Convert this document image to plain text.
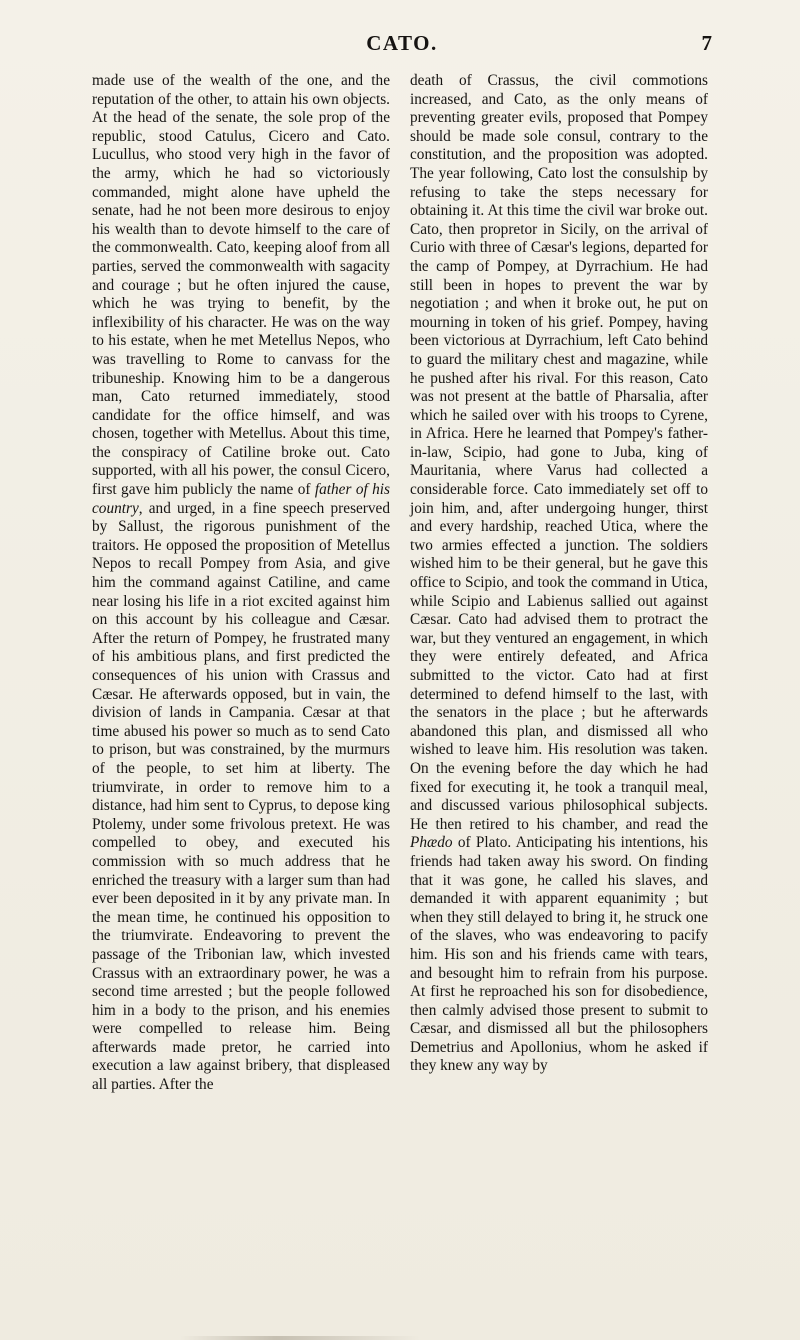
CATO.	7

made use of the wealth of the one, and the reputation of the other, to attain his own objects. At the head of the senate, the sole prop of the republic, stood Catulus, Cicero and Cato. Lucullus, who stood very high in the favor of the army, which he had so victoriously commanded, might alone have upheld the senate, had he not been more desirous to enjoy his wealth than to devote himself to the care of the commonwealth. Cato, keeping aloof from all parties, served the commonwealth with sagacity and courage ; but he often injured the cause, which he was trying to benefit, by the inflexibility of his character. He was on the way to his estate, when he met Metellus Nepos, who was travelling to Rome to canvass for the tribuneship. Knowing him to be a dangerous man, Cato returned immediately, stood candidate for the office himself, and was chosen, together with Metellus. About this time, the conspiracy of Catiline broke out. Cato supported, with all his power, the consul Cicero, first gave him publicly the name of father of his country, and urged, in a fine speech preserved by Sallust, the rigorous punishment of the traitors. He opposed the proposition of Metellus Nepos to recall Pompey from Asia, and give him the command against Catiline, and came near losing his life in a riot excited against him on this account by his colleague and Cæsar. After the return of Pompey, he frustrated many of his ambitious plans, and first predicted the consequences of his union with Crassus and Cæsar. He afterwards opposed, but in vain, the division of lands in Campania. Cæsar at that time abused his power so much as to send Cato to prison, but was constrained, by the murmurs of the people, to set him at liberty. The triumvirate, in order to remove him to a distance, had him sent to Cyprus, to depose king Ptolemy, under some frivolous pretext. He was compelled to obey, and executed his commission with so much address that he enriched the treasury with a larger sum than had ever been deposited in it by any private man. In the mean time, he continued his opposition to the triumvirate. Endeavoring to prevent the passage of the Tribonian law, which invested Crassus with an extraordinary power, he was a second time arrested ; but the people followed him in a body to the prison, and his enemies were compelled to release him. Being afterwards made pretor, he carried into execution a law against bribery, that displeased all parties. After the

death of Crassus, the civil commotions increased, and Cato, as the only means of preventing greater evils, proposed that Pompey should be made sole consul, contrary to the constitution, and the proposition was adopted. The year following, Cato lost the consulship by refusing to take the steps necessary for obtaining it. At this time the civil war broke out. Cato, then propretor in Sicily, on the arrival of Curio with three of Cæsar's legions, departed for the camp of Pompey, at Dyrrachium. He had still been in hopes to prevent the war by negotiation ; and when it broke out, he put on mourning in token of his grief. Pompey, having been victorious at Dyrrachium, left Cato behind to guard the military chest and magazine, while he pushed after his rival. For this reason, Cato was not present at the battle of Pharsalia, after which he sailed over with his troops to Cyrene, in Africa. Here he learned that Pompey's father-in-law, Scipio, had gone to Juba, king of Mauritania, where Varus had collected a considerable force. Cato immediately set off to join him, and, after undergoing hunger, thirst and every hardship, reached Utica, where the two armies effected a junction. The soldiers wished him to be their general, but he gave this office to Scipio, and took the command in Utica, while Scipio and Labienus sallied out against Cæsar. Cato had advised them to protract the war, but they ventured an engagement, in which they were entirely defeated, and Africa submitted to the victor. Cato had at first determined to defend himself to the last, with the senators in the place ; but he afterwards abandoned this plan, and dismissed all who wished to leave him. His resolution was taken. On the evening before the day which he had fixed for executing it, he took a tranquil meal, and discussed various philosophical subjects. He then retired to his chamber, and read the Phædo of Plato. Anticipating his intentions, his friends had taken away his sword. On finding that it was gone, he called his slaves, and demanded it with apparent equanimity ; but when they still delayed to bring it, he struck one of the slaves, who was endeavoring to pacify him. His son and his friends came with tears, and besought him to refrain from his purpose. At first he reproached his son for disobedience, then calmly advised those present to submit to Cæsar, and dismissed all but the philosophers Demetrius and Apollonius, whom he asked if they knew any way by
